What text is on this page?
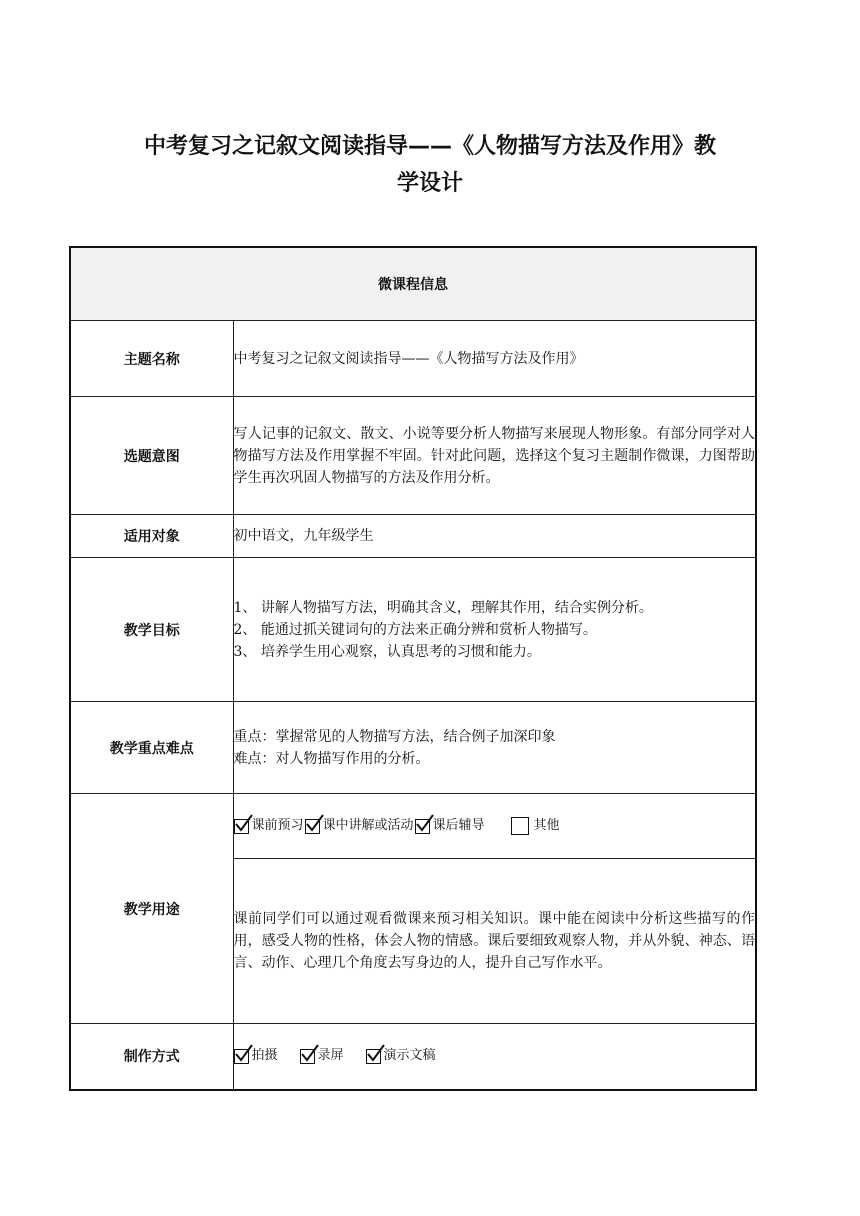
中考复习之记叙文阅读指导——《人物描写方法及作用》教
学设计
微课程信息	
主题名称	中考复习之记叙文阅读指导——《人物描写方法及作用》
选题意图	写人记事的记叙文、散文、小说等要分析人物描写来展现人物形象。有部分同学对人物描写方法及作用掌握不牢固。针对此问题，选择这个复习主题制作微课，力图帮助学生再次巩固人物描写的方法及作用分析。
适用对象	初中语文，九年级学生
教学目标	1、 讲解人物描写方法，明确其含义，理解其作用，结合实例分析。
2、 能通过抓关键词句的方法来正确分辨和赏析人物描写。
3、 培养学生用心观察，认真思考的习惯和能力。

教学重点难点	重点：掌握常见的人物描写方法，结合例子加深印象
难点：对人物描写作用的分析。

教学用途	课前预习 课中讲解或活动 课后辅导 其他

	课前同学们可以通过观看微课来预习相关知识。课中能在阅读中分析这些描写的作用，感受人物的性格，体会人物的情感。课后要细致观察人物，并从外貌、神态、语言、动作、心理几个角度去写身边的人，提升自己写作水平。
制作方式	拍摄 录屏 演示文稿
